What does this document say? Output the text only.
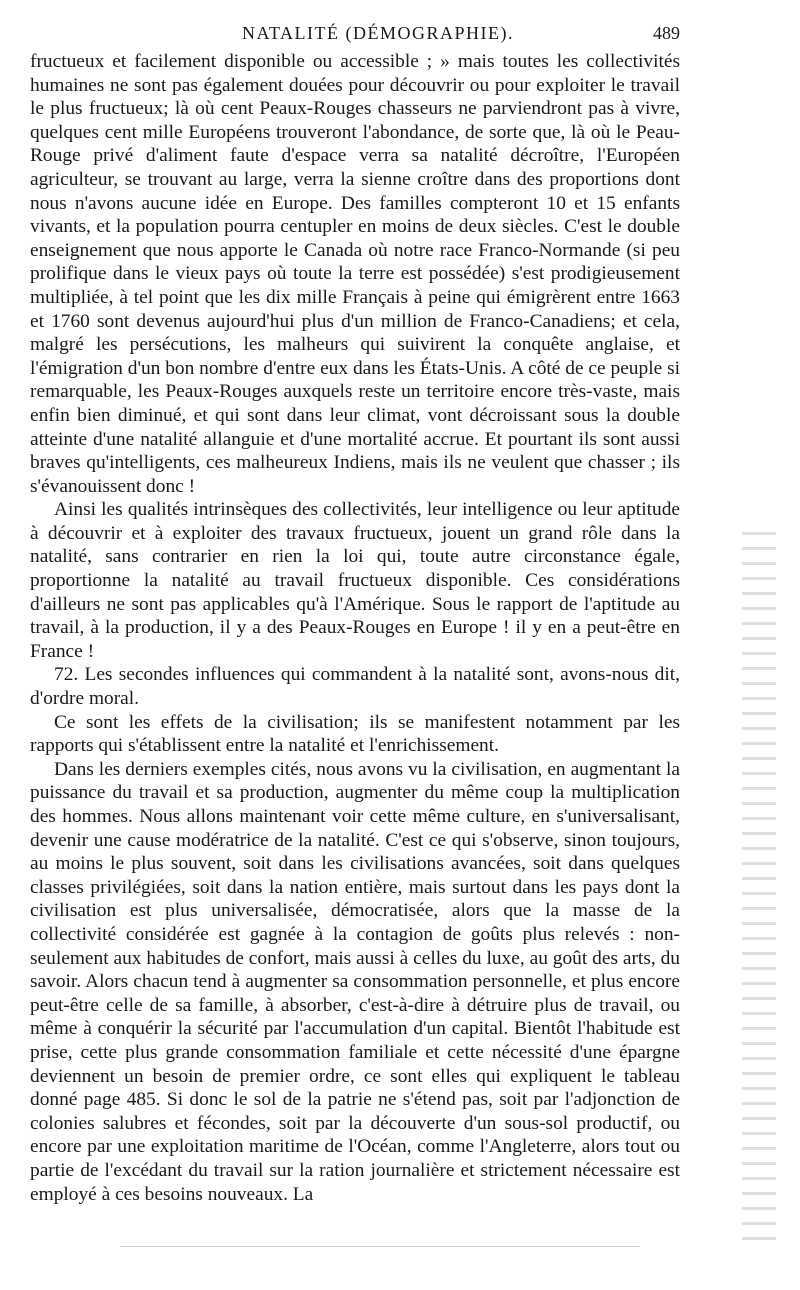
NATALITÉ (DÉMOGRAPHIE).	489

fructueux et facilement disponible ou accessible ; » mais toutes les collectivités humaines ne sont pas également douées pour découvrir ou pour exploiter le travail le plus fructueux; là où cent Peaux-Rouges chasseurs ne parviendront pas à vivre, quelques cent mille Européens trouveront l'abondance, de sorte que, là où le Peau-Rouge privé d'aliment faute d'espace verra sa natalité décroître, l'Européen agriculteur, se trouvant au large, verra la sienne croître dans des proportions dont nous n'avons aucune idée en Europe. Des familles compteront 10 et 15 enfants vivants, et la population pourra centupler en moins de deux siècles. C'est le double enseignement que nous apporte le Canada où notre race Franco-Normande (si peu prolifique dans le vieux pays où toute la terre est possédée) s'est prodigieusement multipliée, à tel point que les dix mille Français à peine qui émigrèrent entre 1663 et 1760 sont devenus aujourd'hui plus d'un million de Franco-Canadiens; et cela, malgré les persécutions, les malheurs qui suivirent la conquête anglaise, et l'émigration d'un bon nombre d'entre eux dans les États-Unis. A côté de ce peuple si remarquable, les Peaux-Rouges auxquels reste un territoire encore très-vaste, mais enfin bien diminué, et qui sont dans leur climat, vont décroissant sous la double atteinte d'une natalité allanguie et d'une mortalité accrue. Et pourtant ils sont aussi braves qu'intelligents, ces malheureux Indiens, mais ils ne veulent que chasser ; ils s'évanouissent donc !

Ainsi les qualités intrinsèques des collectivités, leur intelligence ou leur aptitude à découvrir et à exploiter des travaux fructueux, jouent un grand rôle dans la natalité, sans contrarier en rien la loi qui, toute autre circonstance égale, proportionne la natalité au travail fructueux disponible. Ces considérations d'ailleurs ne sont pas applicables qu'à l'Amérique. Sous le rapport de l'aptitude au travail, à la production, il y a des Peaux-Rouges en Europe ! il y en a peut-être en France !

72. Les secondes influences qui commandent à la natalité sont, avons-nous dit, d'ordre moral.

Ce sont les effets de la civilisation; ils se manifestent notamment par les rapports qui s'établissent entre la natalité et l'enrichissement.

Dans les derniers exemples cités, nous avons vu la civilisation, en augmentant la puissance du travail et sa production, augmenter du même coup la multiplication des hommes. Nous allons maintenant voir cette même culture, en s'universalisant, devenir une cause modératrice de la natalité. C'est ce qui s'observe, sinon toujours, au moins le plus souvent, soit dans les civilisations avancées, soit dans quelques classes privilégiées, soit dans la nation entière, mais surtout dans les pays dont la civilisation est plus universalisée, démocratisée, alors que la masse de la collectivité considérée est gagnée à la contagion de goûts plus relevés : non-seulement aux habitudes de confort, mais aussi à celles du luxe, au goût des arts, du savoir. Alors chacun tend à augmenter sa consommation personnelle, et plus encore peut-être celle de sa famille, à absorber, c'est-à-dire à détruire plus de travail, ou même à conquérir la sécurité par l'accumulation d'un capital. Bientôt l'habitude est prise, cette plus grande consommation familiale et cette nécessité d'une épargne deviennent un besoin de premier ordre, ce sont elles qui expliquent le tableau donné page 485. Si donc le sol de la patrie ne s'étend pas, soit par l'adjonction de colonies salubres et fécondes, soit par la découverte d'un sous-sol productif, ou encore par une exploitation maritime de l'Océan, comme l'Angleterre, alors tout ou partie de l'excédant du travail sur la ration journalière et strictement nécessaire est employé à ces besoins nouveaux. La
